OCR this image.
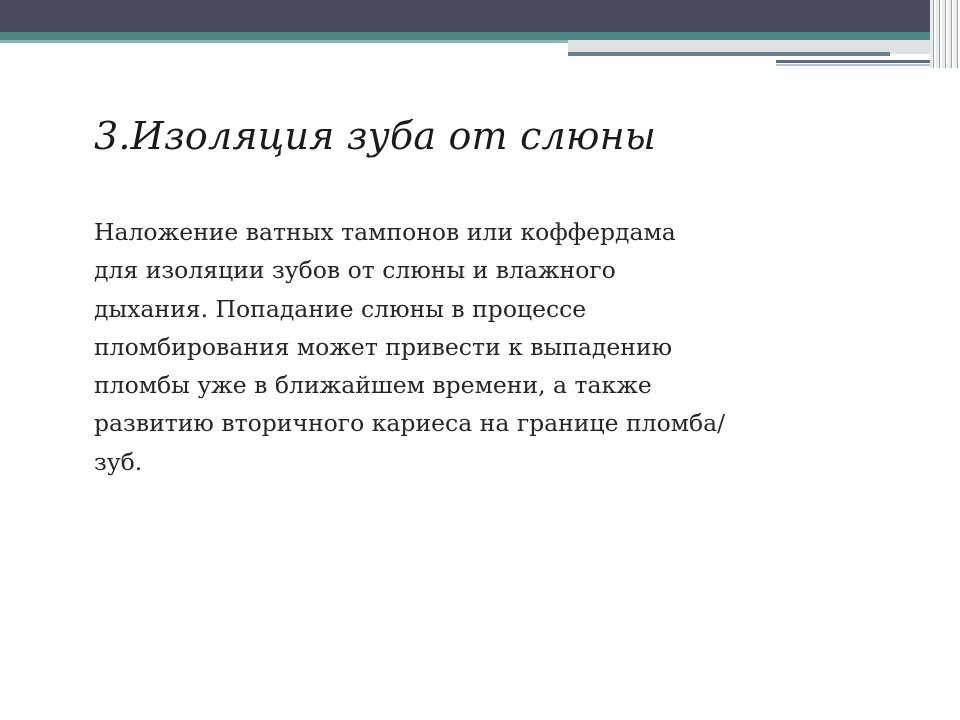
3.Изоляция зуба от слюны

Наложение ватных тампонов или коффердама
для изоляции зубов от слюны и влажного
дыхания. Попадание слюны в процессе
пломбирования может привести к выпадению
пломбы уже в ближайшем времени, а также
развитию вторичного кариеса на границе пломба/
зуб.
